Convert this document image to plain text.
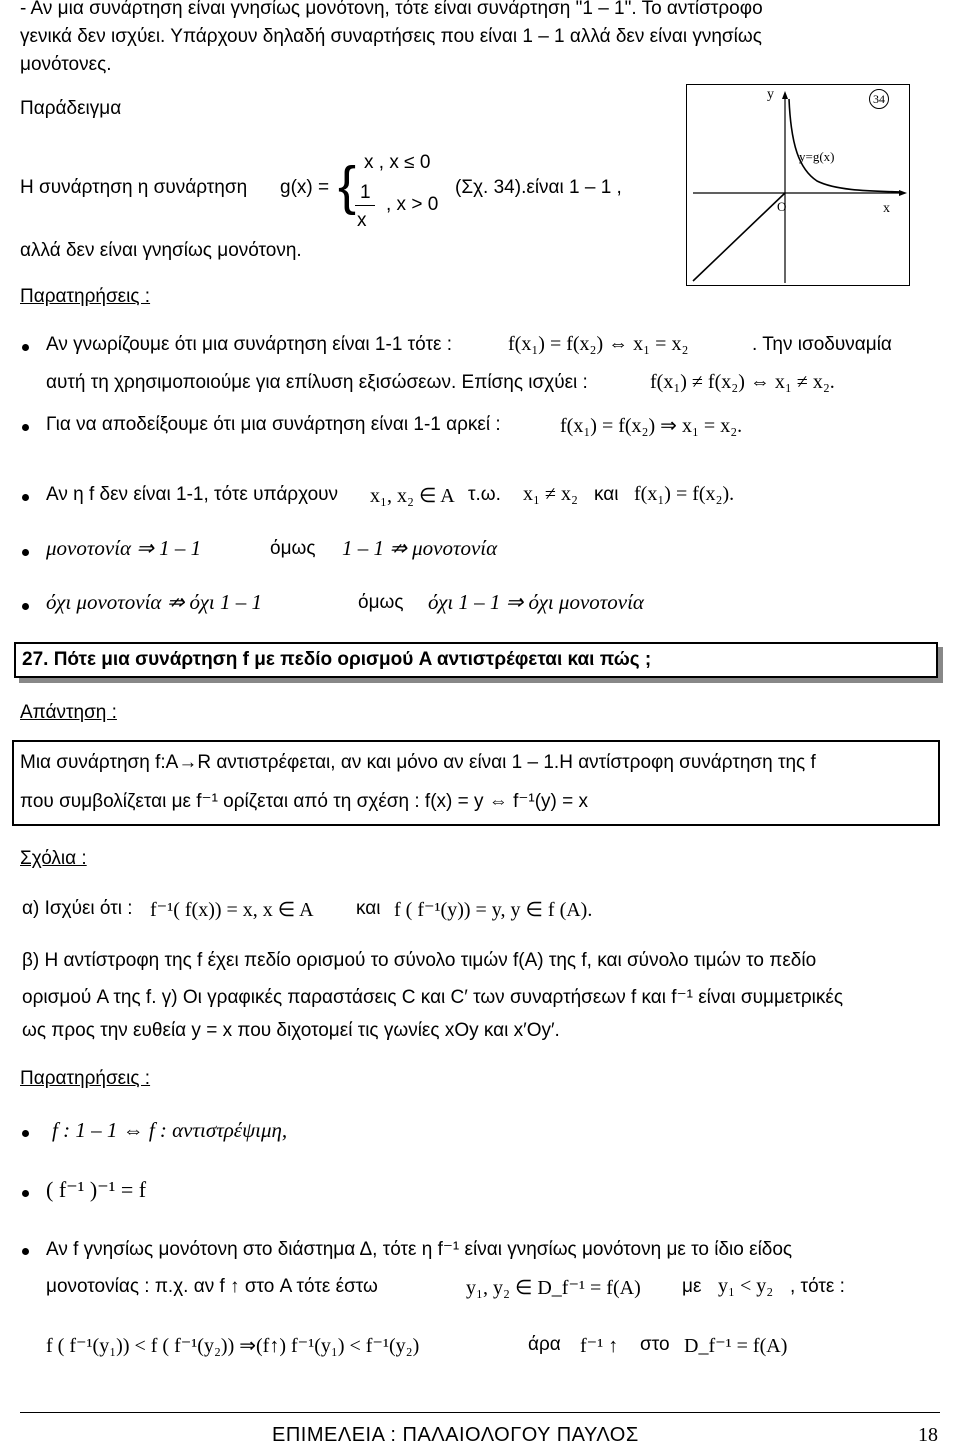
- Αν μια συνάρτηση είναι γνησίως μονότονη, τότε είναι συνάρτηση "1 – 1". Το αντίστροφο
γενικά δεν ισχύει. Υπάρχουν δηλαδή συναρτήσεις που είναι 1 – 1 αλλά δεν είναι γνησίως
μονότονες.
Παράδειγμα
Η συνάρτηση η συνάρτηση g(x) = { x , x ≤ 0
1
x
, x > 0
(Σχ. 34).είναι 1 – 1 ,
αλλά δεν είναι γνησίως μονότονη.
y
x
O
y=g(x)
34
Παρατηρήσεις :
Αν γνωρίζουμε ότι μια συνάρτηση είναι 1-1 τότε :	f(x₁) = f(x₂) ⇔ x₁ = x₂	. Την ισοδυναμία
αυτή τη χρησιμοποιούμε για επίλυση εξισώσεων. Επίσης ισχύει :	f(x₁) ≠ f(x₂) ⇔ x₁ ≠ x₂.
Για να αποδείξουμε ότι μια συνάρτηση είναι 1-1 αρκεί :	f(x₁) = f(x₂) ⇒ x₁ = x₂.
Αν η f δεν είναι 1-1, τότε υπάρχουν x₁, x₂ ∈ A τ.ω. x₁ ≠ x₂ και f(x₁) = f(x₂).
μονοτονία ⇒ 1 – 1	όμως 1 – 1 ⇏ μονοτονία
όχι μονοτονία ⇏ όχι 1 – 1	όμως όχι 1 – 1 ⇒ όχι μονοτονία
27. Πότε μια συνάρτηση f με πεδίο ορισμού A αντιστρέφεται και πώς ;
Απάντηση :
Μια συνάρτηση f:A→R αντιστρέφεται, αν και μόνο αν είναι 1 – 1.Η αντίστροφη συνάρτηση της f
που συμβολίζεται με f⁻¹ ορίζεται από τη σχέση : f(x) = y ⇔ f⁻¹(y) = x
Σχόλια :
α) Ισχύει ότι : f⁻¹( f(x)) = x, x ∈ A και f ( f⁻¹(y)) = y, y ∈ f (A).
β) Η αντίστροφη της f έχει πεδίο ορισμού το σύνολο τιμών f(A) της f, και σύνολο τιμών το πεδίο
ορισμού A της f. γ) Οι γραφικές παραστάσεις C και C′ των συναρτήσεων f και f⁻¹ είναι συμμετρικές
ως προς την ευθεία y = x που διχοτομεί τις γωνίες xOy και x′Oy′.
Παρατηρήσεις :
f : 1 – 1 ⇔ f : αντιστρέψιμη,
( f⁻¹ )⁻¹ = f
Αν f γνησίως μονότονη στο διάστημα Δ, τότε η f⁻¹ είναι γνησίως μονότονη με το ίδιο είδος
μονοτονίας : π.χ. αν f ↑ στο A τότε έστω	y₁, y₂ ∈ D_f⁻¹ = f(A) με y₁ < y₂ , τότε :
f ( f⁻¹(y₁)) < f ( f⁻¹(y₂)) ⇒(f↑) f⁻¹(y₁) < f⁻¹(y₂)	άρα f⁻¹ ↑ στο D_f⁻¹ = f(A)
ΕΠΙΜΕΛΕΙΑ : ΠΑΛΑΙΟΛΟΓΟΥ ΠΑΥΛΟΣ	18
